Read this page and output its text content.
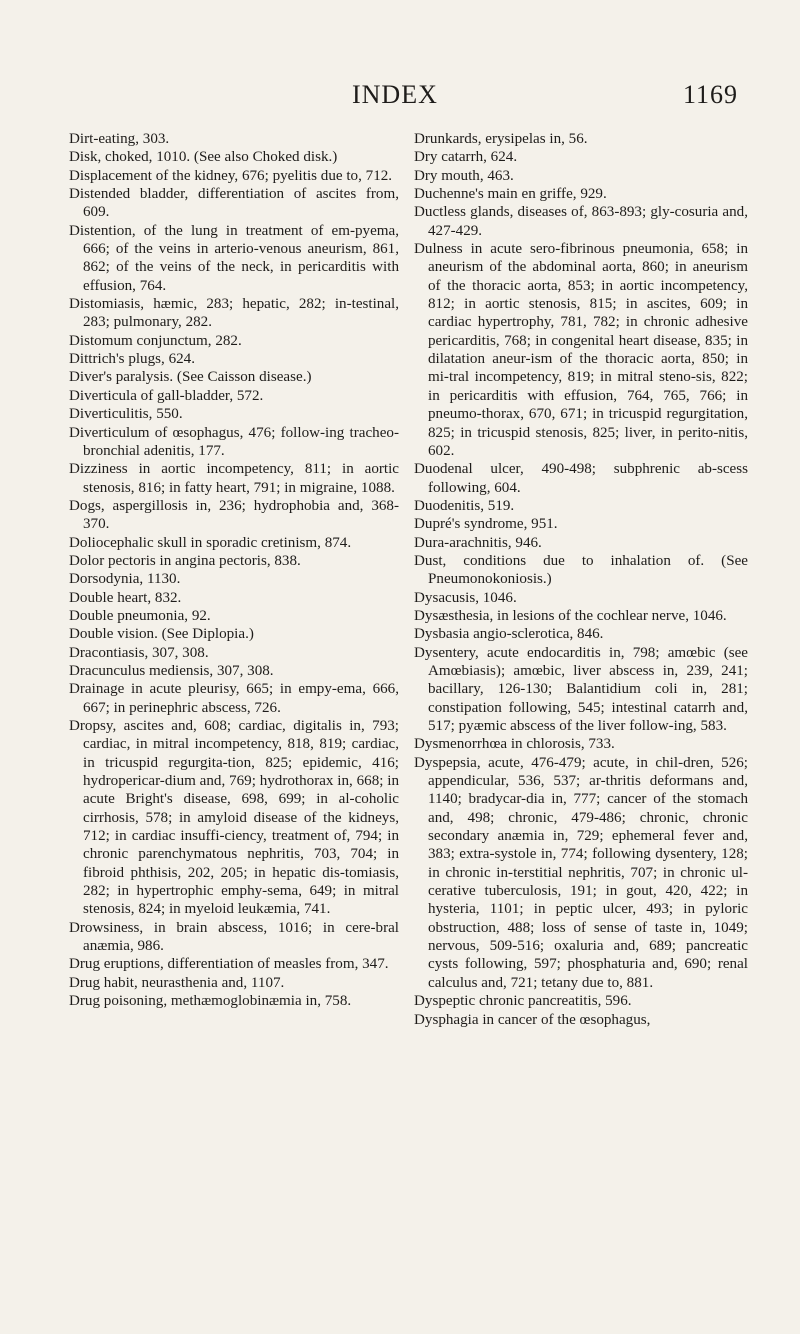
INDEX	1169

Dirt-eating, 303.

Disk, choked, 1010. (See also Choked disk.)

Displacement of the kidney, 676; pyelitis due to, 712.

Distended bladder, differentiation of ascites from, 609.

Distention, of the lung in treatment of em-pyema, 666; of the veins in arterio-venous aneurism, 861, 862; of the veins of the neck, in pericarditis with effusion, 764.

Distomiasis, hæmic, 283; hepatic, 282; in-testinal, 283; pulmonary, 282.

Distomum conjunctum, 282.

Dittrich's plugs, 624.

Diver's paralysis. (See Caisson disease.)

Diverticula of gall-bladder, 572.

Diverticulitis, 550.

Diverticulum of œsophagus, 476; follow-ing tracheo-bronchial adenitis, 177.

Dizziness in aortic incompetency, 811; in aortic stenosis, 816; in fatty heart, 791; in migraine, 1088.

Dogs, aspergillosis in, 236; hydrophobia and, 368-370.

Doliocephalic skull in sporadic cretinism, 874.

Dolor pectoris in angina pectoris, 838.

Dorsodynia, 1130.

Double heart, 832.

Double pneumonia, 92.

Double vision. (See Diplopia.)

Dracontiasis, 307, 308.

Dracunculus mediensis, 307, 308.

Drainage in acute pleurisy, 665; in empy-ema, 666, 667; in perinephric abscess, 726.

Dropsy, ascites and, 608; cardiac, digitalis in, 793; cardiac, in mitral incompetency, 818, 819; cardiac, in tricuspid regurgita-tion, 825; epidemic, 416; hydropericar-dium and, 769; hydrothorax in, 668; in acute Bright's disease, 698, 699; in al-coholic cirrhosis, 578; in amyloid disease of the kidneys, 712; in cardiac insuffi-ciency, treatment of, 794; in chronic parenchymatous nephritis, 703, 704; in fibroid phthisis, 202, 205; in hepatic dis-tomiasis, 282; in hypertrophic emphy-sema, 649; in mitral stenosis, 824; in myeloid leukæmia, 741.

Drowsiness, in brain abscess, 1016; in cere-bral anæmia, 986.

Drug eruptions, differentiation of measles from, 347.

Drug habit, neurasthenia and, 1107.

Drug poisoning, methæmoglobinæmia in, 758.

Drunkards, erysipelas in, 56.

Dry catarrh, 624.

Dry mouth, 463.

Duchenne's main en griffe, 929.

Ductless glands, diseases of, 863-893; gly-cosuria and, 427-429.

Dulness in acute sero-fibrinous pneumonia, 658; in aneurism of the abdominal aorta, 860; in aneurism of the thoracic aorta, 853; in aortic incompetency, 812; in aortic stenosis, 815; in ascites, 609; in cardiac hypertrophy, 781, 782; in chronic adhesive pericarditis, 768; in congenital heart disease, 835; in dilatation aneur-ism of the thoracic aorta, 850; in mi-tral incompetency, 819; in mitral steno-sis, 822; in pericarditis with effusion, 764, 765, 766; in pneumo-thorax, 670, 671; in tricuspid regurgitation, 825; in tricuspid stenosis, 825; liver, in perito-nitis, 602.

Duodenal ulcer, 490-498; subphrenic ab-scess following, 604.

Duodenitis, 519.

Dupré's syndrome, 951.

Dura-arachnitis, 946.

Dust, conditions due to inhalation of. (See Pneumonokoniosis.)

Dysacusis, 1046.

Dysæsthesia, in lesions of the cochlear nerve, 1046.

Dysbasia angio-sclerotica, 846.

Dysentery, acute endocarditis in, 798; amœbic (see Amœbiasis); amœbic, liver abscess in, 239, 241; bacillary, 126-130; Balantidium coli in, 281; constipation following, 545; intestinal catarrh and, 517; pyæmic abscess of the liver follow-ing, 583.

Dysmenorrhœa in chlorosis, 733.

Dyspepsia, acute, 476-479; acute, in chil-dren, 526; appendicular, 536, 537; ar-thritis deformans and, 1140; bradycar-dia in, 777; cancer of the stomach and, 498; chronic, 479-486; chronic, chronic secondary anæmia in, 729; ephemeral fever and, 383; extra-systole in, 774; following dysentery, 128; in chronic in-terstitial nephritis, 707; in chronic ul-cerative tuberculosis, 191; in gout, 420, 422; in hysteria, 1101; in peptic ulcer, 493; in pyloric obstruction, 488; loss of sense of taste in, 1049; nervous, 509-516; oxaluria and, 689; pancreatic cysts following, 597; phosphaturia and, 690; renal calculus and, 721; tetany due to, 881.

Dyspeptic chronic pancreatitis, 596.

Dysphagia in cancer of the œsophagus,
